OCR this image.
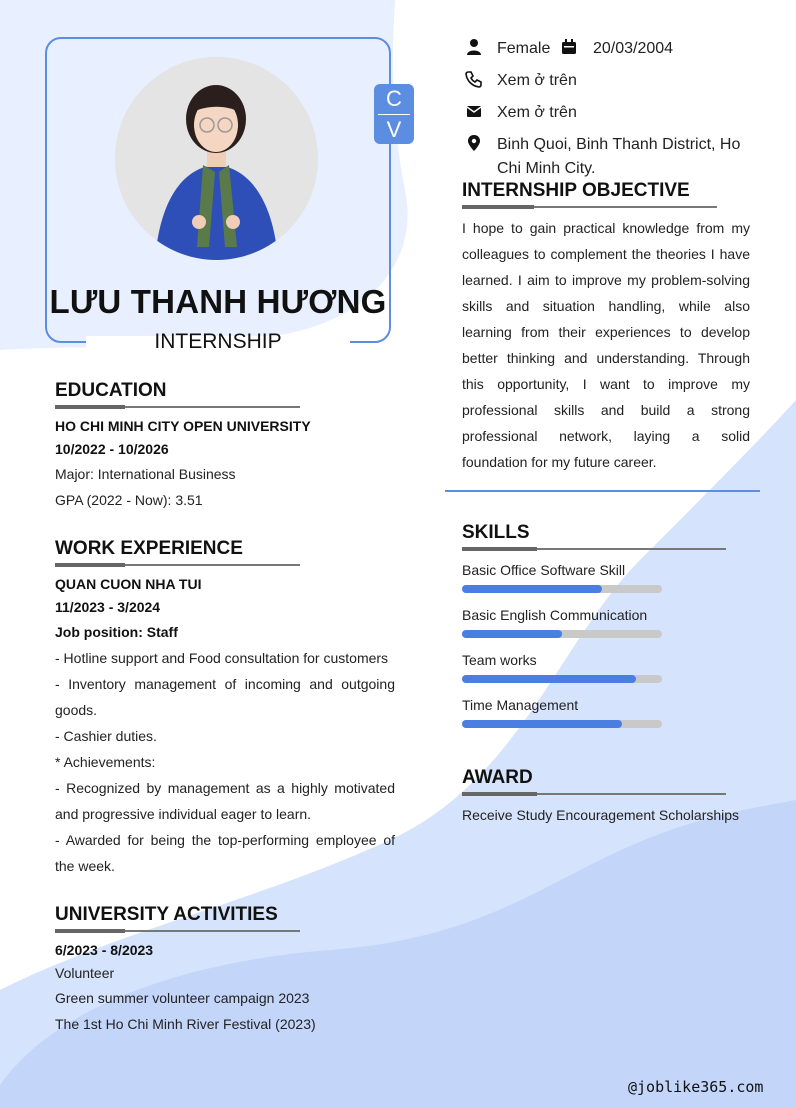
C
V
LƯU THANH HƯƠNG
INTERNSHIP
Female	20/03/2004
Xem ở trên
Xem ở trên
Binh Quoi, Binh Thanh District, Ho
Chi Minh City.
EDUCATION
HO CHI MINH CITY OPEN UNIVERSITY
10/2022 - 10/2026
Major: International Business
GPA (2022 - Now): 3.51
WORK EXPERIENCE
QUAN CUON NHA TUI
11/2023 - 3/2024
Job position: Staff
- Hotline support and Food consultation for customers
- Inventory management of incoming and outgoing
goods.
- Cashier duties.
* Achievements:
- Recognized by management as a highly motivated
and progressive individual eager to learn.
- Awarded for being the top-performing employee of
the week.
UNIVERSITY ACTIVITIES
6/2023 - 8/2023
Volunteer
Green summer volunteer campaign 2023
The 1st Ho Chi Minh River Festival (2023)
INTERNSHIP OBJECTIVE
I hope to gain practical knowledge from my
colleagues to complement the theories I have
learned. I aim to improve my problem-solving
skills and situation handling, while also
learning from their experiences to develop
better thinking and understanding. Through
this opportunity, I want to improve my
professional skills and build a strong
professional network, laying a solid
foundation for my future career.
SKILLS
Basic Office Software Skill
Basic English Communication
Team works
Time Management
AWARD
Receive Study Encouragement Scholarships
@joblike365.com
